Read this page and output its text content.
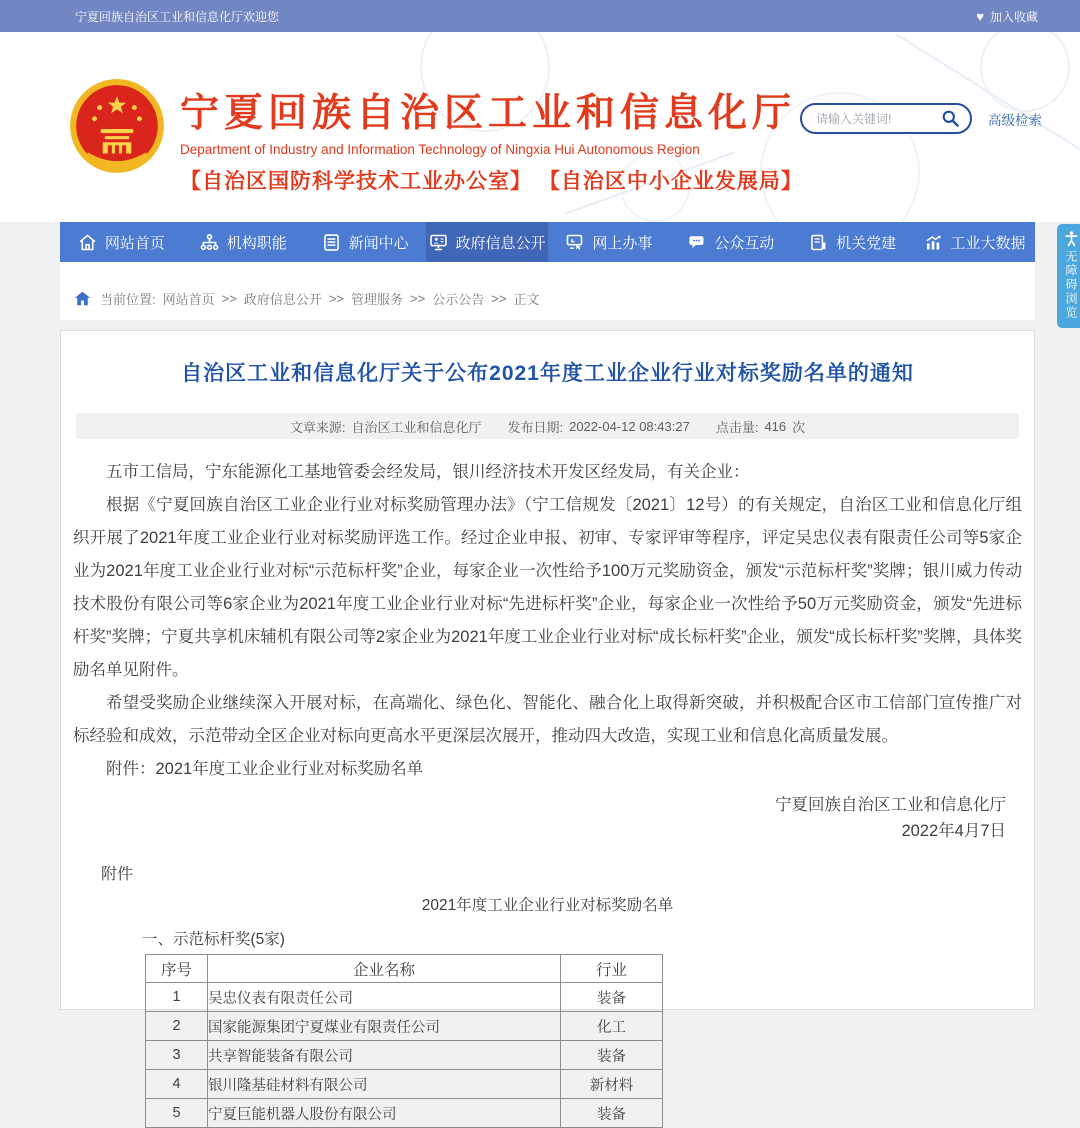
宁夏回族自治区工业和信息化厅欢迎您	♥ 加入收藏
宁夏回族自治区工业和信息化厅
Department of Industry and Information Technology of Ningxia Hui Autonomous Region
【自治区国防科学技术工业办公室】 【自治区中小企业发展局】
请输入关键词!
高级检索
网站首页	机构职能	新闻中心	政府信息公开	网上办事	公众互动	机关党建	工业大数据
无障碍浏览
当前位置: 网站首页 >> 政府信息公开 >> 管理服务 >> 公示公告 >> 正文
自治区工业和信息化厅关于公布2021年度工业企业行业对标奖励名单的通知
文章来源: 自治区工业和信息化厅 发布日期: 2022-04-12 08:43:27 点击量: 416 次

五市工信局，宁东能源化工基地管委会经发局，银川经济技术开发区经发局，有关企业：

根据《宁夏回族自治区工业企业行业对标奖励管理办法》（宁工信规发〔2021〕12号）的有关规定，自治区工业和信息化厅组织开展了2021年度工业企业行业对标奖励评选工作。经过企业申报、初审、专家评审等程序，评定吴忠仪表有限责任公司等5家企业为2021年度工业企业行业对标“示范标杆奖”企业，每家企业一次性给予100万元奖励资金，颁发“示范标杆奖”奖牌；银川威力传动技术股份有限公司等6家企业为2021年度工业企业行业对标“先进标杆奖”企业，每家企业一次性给予50万元奖励资金，颁发“先进标杆奖”奖牌；宁夏共享机床辅机有限公司等2家企业为2021年度工业企业行业对标“成长标杆奖”企业，颁发“成长标杆奖”奖牌，具体奖励名单见附件。

希望受奖励企业继续深入开展对标，在高端化、绿色化、智能化、融合化上取得新突破，并积极配合区市工信部门宣传推广对标经验和成效，示范带动全区企业对标向更高水平更深层次展开，推动四大改造，实现工业和信息化高质量发展。

附件：2021年度工业企业行业对标奖励名单

宁夏回族自治区工业和信息化厅
2022年4月7日
附件
2021年度工业企业行业对标奖励名单
一、示范标杆奖(5家)
序号	企业名称	行业
1	吴忠仪表有限责任公司	装备
2	国家能源集团宁夏煤业有限责任公司	化工
3	共享智能装备有限公司	装备
4	银川隆基硅材料有限公司	新材料
5	宁夏巨能机器人股份有限公司	装备
